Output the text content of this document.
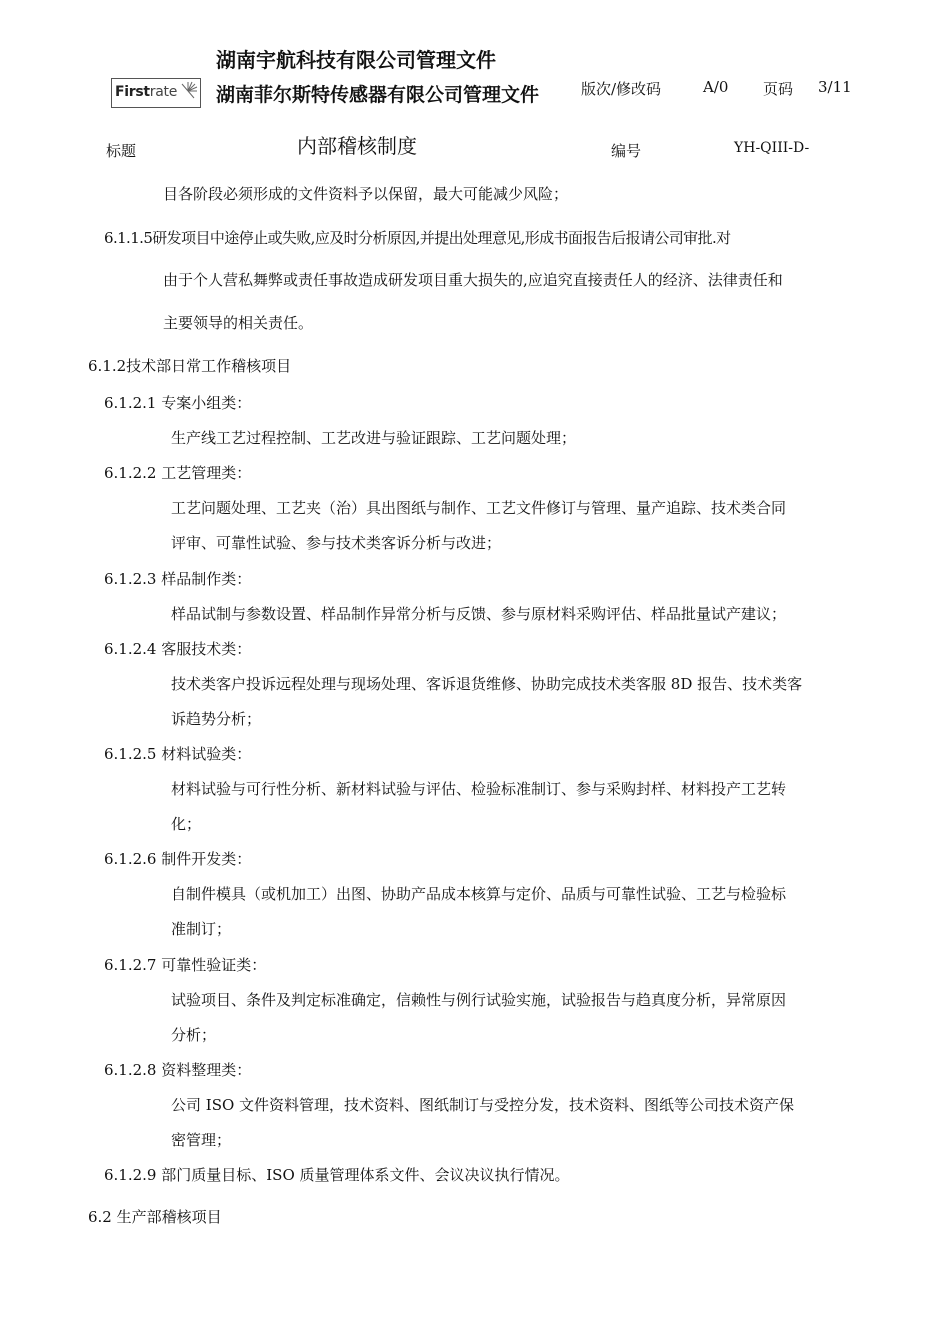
湖南宇航科技有限公司管理文件
Firstrate 湖南菲尔斯特传感器有限公司管理文件	版次/修改码	A/0 页码 3/11
标题	内部稽核制度	编号	YH-QIII-D-
目各阶段必须形成的文件资料予以保留，最大可能减少风险；
6.1.1.5研发项目中途停止或失败,应及时分析原因,并提出处理意见,形成书面报告后报请公司审批.对
由于个人营私舞弊或责任事故造成研发项目重大损失的,应追究直接责任人的经济、法律责任和
主要领导的相关责任。
6.1.2技术部日常工作稽核项目
6.1.2.1 专案小组类：
生产线工艺过程控制、工艺改进与验证跟踪、工艺问题处理；
6.1.2.2 工艺管理类：
工艺问题处理、工艺夹（治）具出图纸与制作、工艺文件修订与管理、量产追踪、技术类合同
评审、可靠性试验、参与技术类客诉分析与改进；
6.1.2.3 样品制作类：
样品试制与参数设置、样品制作异常分析与反馈、参与原材料采购评估、样品批量试产建议；
6.1.2.4 客服技术类：
技术类客户投诉远程处理与现场处理、客诉退货维修、协助完成技术类客服 8D 报告、技术类客
诉趋势分析；
6.1.2.5 材料试验类：
材料试验与可行性分析、新材料试验与评估、检验标准制订、参与采购封样、材料投产工艺转
化；
6.1.2.6 制件开发类：
自制件模具（或机加工）出图、协助产品成本核算与定价、品质与可靠性试验、工艺与检验标
准制订；
6.1.2.7 可靠性验证类：
试验项目、条件及判定标准确定，信赖性与例行试验实施，试验报告与趋真度分析，异常原因
分析；
6.1.2.8 资料整理类：
公司 ISO 文件资料管理，技术资料、图纸制订与受控分发，技术资料、图纸等公司技术资产保
密管理；
6.1.2.9 部门质量目标、ISO 质量管理体系文件、会议决议执行情况。
6.2 生产部稽核项目
